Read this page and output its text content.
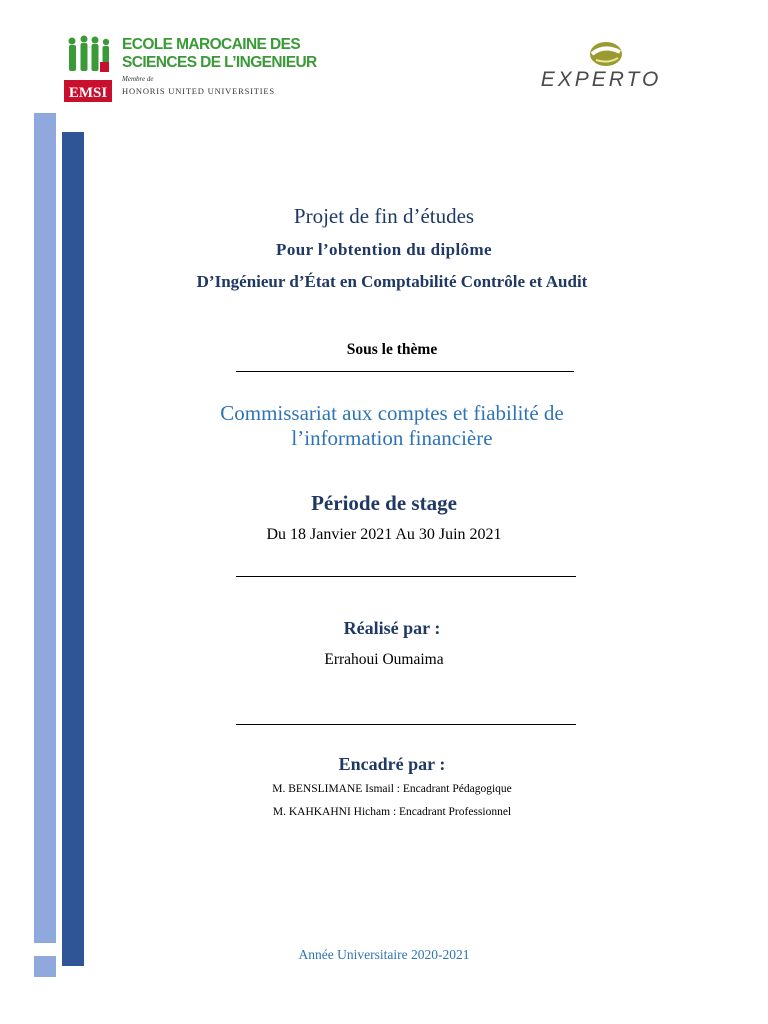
EMSI
ECOLE MAROCAINE DES
SCIENCES DE L’INGENIEUR
Membre de
HONORIS UNITED UNIVERSITIES	EXPERTO
Projet de fin d’études
Pour l’obtention du diplôme
D’Ingénieur d’État en Comptabilité Contrôle et Audit
Sous le thème
Commissariat aux comptes et fiabilité de
l’information financière
Période de stage
Du 18 Janvier 2021 Au 30 Juin 2021
Réalisé par :
Errahoui Oumaima
Encadré par :
M. BENSLIMANE Ismail : Encadrant Pédagogique
M. KAHKAHNI Hicham : Encadrant Professionnel
Année Universitaire 2020-2021
